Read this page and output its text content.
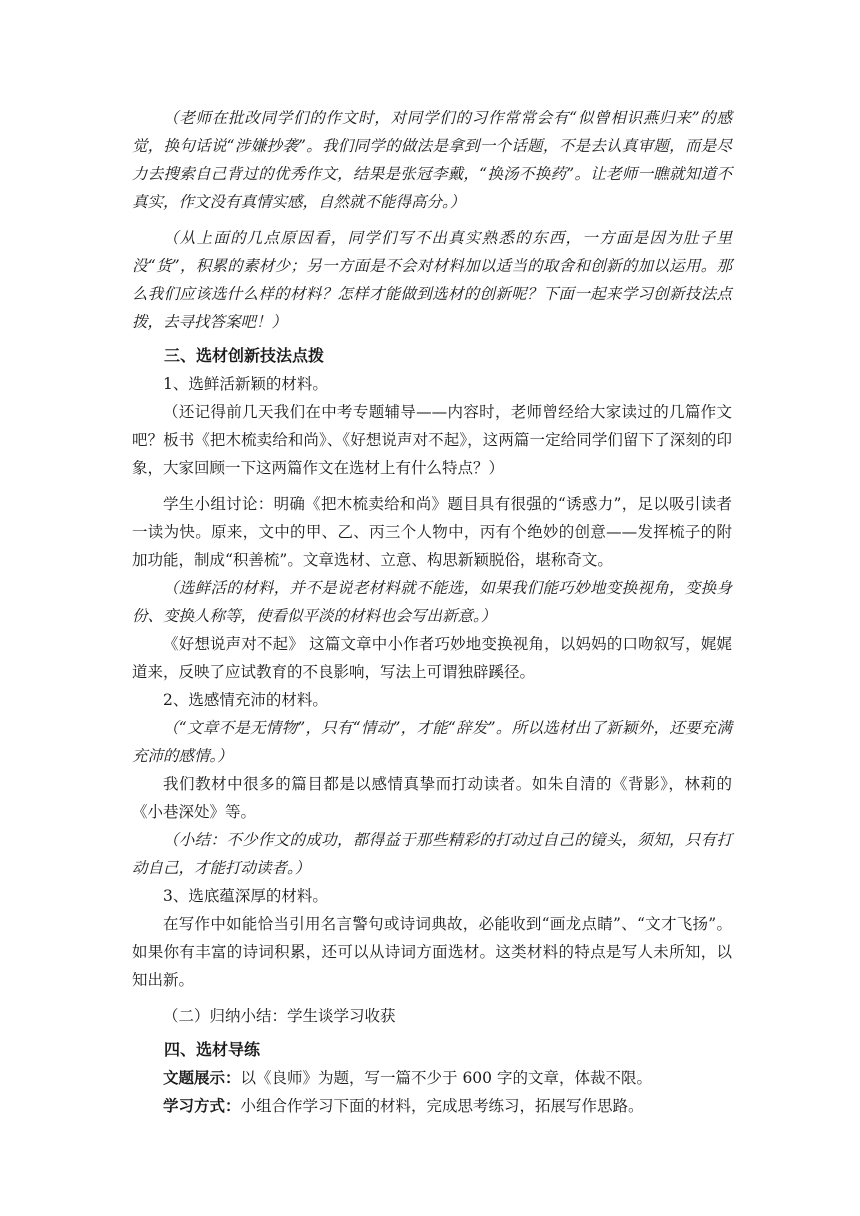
（老师在批改同学们的作文时，对同学们的习作常常会有“似曾相识燕归来”的感觉，换句话说“涉嫌抄袭”。我们同学的做法是拿到一个话题，不是去认真审题，而是尽力去搜索自己背过的优秀作文，结果是张冠李戴，“换汤不换药”。让老师一瞧就知道不真实，作文没有真情实感，自然就不能得高分。）

（从上面的几点原因看，同学们写不出真实熟悉的东西，一方面是因为肚子里没“货”，积累的素材少；另一方面是不会对材料加以适当的取舍和创新的加以运用。那么我们应该选什么样的材料？怎样才能做到选材的创新呢？下面一起来学习创新技法点拨，去寻找答案吧！）

三、选材创新技法点拨

1、选鲜活新颖的材料。

（还记得前几天我们在中考专题辅导——内容时，老师曾经给大家读过的几篇作文吧？板书《把木梳卖给和尚》、《好想说声对不起》，这两篇一定给同学们留下了深刻的印象，大家回顾一下这两篇作文在选材上有什么特点？）

学生小组讨论：明确《把木梳卖给和尚》题目具有很强的“诱惑力”，足以吸引读者一读为快。原来，文中的甲、乙、丙三个人物中，丙有个绝妙的创意——发挥梳子的附加功能，制成“积善梳”。文章选材、立意、构思新颖脱俗，堪称奇文。

（选鲜活的材料，并不是说老材料就不能选，如果我们能巧妙地变换视角，变换身份、变换人称等，使看似平淡的材料也会写出新意。）

《好想说声对不起》 这篇文章中小作者巧妙地变换视角，以妈妈的口吻叙写，娓娓道来，反映了应试教育的不良影响，写法上可谓独辟蹊径。

2、选感情充沛的材料。

（“文章不是无情物”，只有“情动”，才能“辞发”。所以选材出了新颖外，还要充满充沛的感情。）

我们教材中很多的篇目都是以感情真挚而打动读者。如朱自清的《背影》，林莉的《小巷深处》等。

（小结：不少作文的成功，都得益于那些精彩的打动过自己的镜头，须知，只有打动自己，才能打动读者。）

3、选底蕴深厚的材料。

在写作中如能恰当引用名言警句或诗词典故，必能收到“画龙点睛”、“文才飞扬”。如果你有丰富的诗词积累，还可以从诗词方面选材。这类材料的特点是写人未所知，以知出新。

（二）归纳小结：学生谈学习收获

四、选材导练

文题展示：以《良师》为题，写一篇不少于 600 字的文章，体裁不限。

学习方式：小组合作学习下面的材料，完成思考练习，拓展写作思路。
